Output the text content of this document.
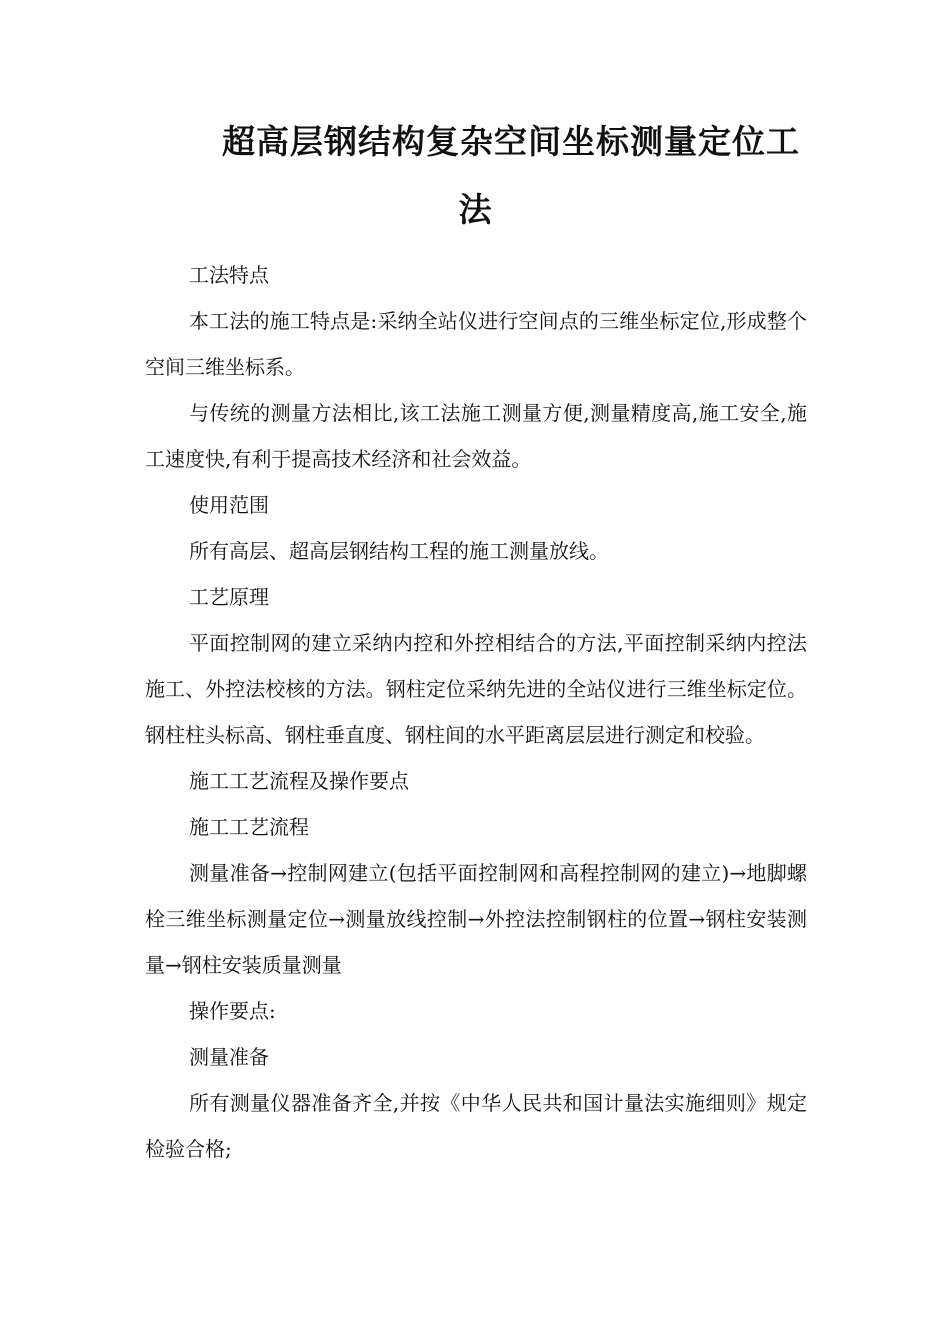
超高层钢结构复杂空间坐标测量定位工
法

工法特点

本工法的施工特点是:采纳全站仪进行空间点的三维坐标定位,形成整个空间三维坐标系。

与传统的测量方法相比,该工法施工测量方便,测量精度高,施工安全,施工速度快,有利于提高技术经济和社会效益。

使用范围

所有高层、超高层钢结构工程的施工测量放线。

工艺原理

平面控制网的建立采纳内控和外控相结合的方法,平面控制采纳内控法施工、外控法校核的方法。钢柱定位采纳先进的全站仪进行三维坐标定位。钢柱柱头标高、钢柱垂直度、钢柱间的水平距离层层进行测定和校验。

施工工艺流程及操作要点

施工工艺流程

测量准备→控制网建立(包括平面控制网和高程控制网的建立)→地脚螺栓三维坐标测量定位→测量放线控制→外控法控制钢柱的位置→钢柱安装测量→钢柱安装质量测量

操作要点:

测量准备

所有测量仪器准备齐全,并按《中华人民共和国计量法实施细则》规定检验合格;
